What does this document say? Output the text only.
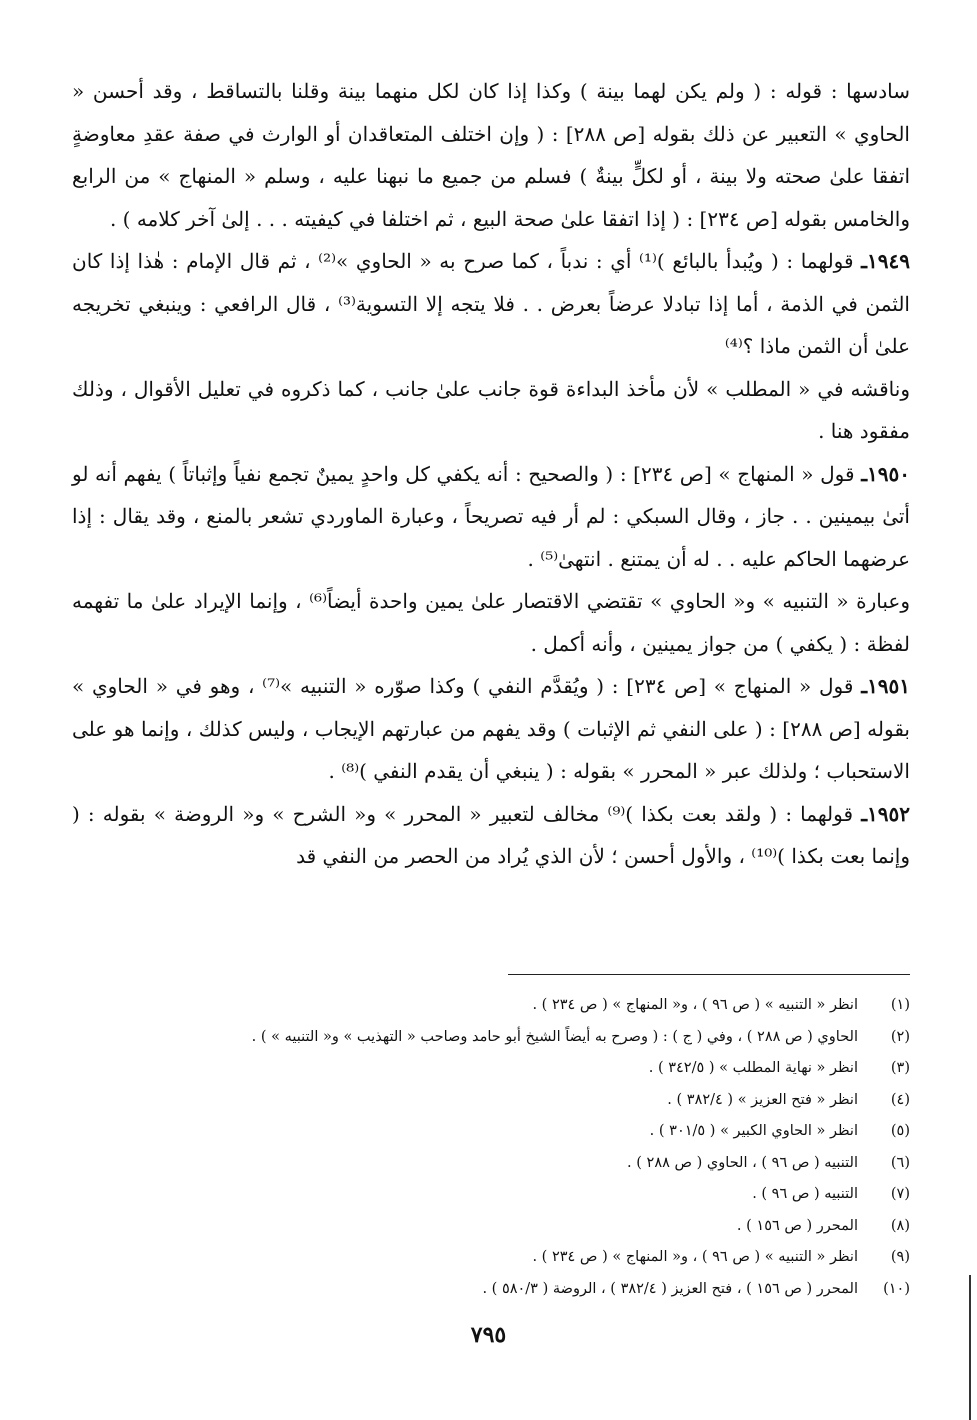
سادسها : قوله : ( ولم يكن لهما بينة ) وكذا إذا كان لكل منهما بينة وقلنا بالتساقط ، وقد أحسن « الحاوي » التعبير عن ذلك بقوله [ص ٢٨٨] : ( وإن اختلف المتعاقدان أو الوارث في صفة عقدِ معاوضةٍ اتفقا علىٰ صحته ولا بينة ، أو لكلٍّ بينةٌ ) فسلم من جميع ما نبهنا عليه ، وسلم « المنهاج » من الرابع والخامس بقوله [ص ٢٣٤] : ( إذا اتفقا علىٰ صحة البيع ، ثم اختلفا في كيفيته . . . إلىٰ آخر كلامه ) .

١٩٤٩ـ قولهما : ( ويُبدأ بالبائع )⁽¹⁾ أي : ندباً ، كما صرح به « الحاوي »⁽²⁾ ، ثم قال الإمام : هٰذا إذا كان الثمن في الذمة ، أما إذا تبادلا عرضاً بعرض . . فلا يتجه إلا التسوية⁽³⁾ ، قال الرافعي : وينبغي تخريجه علىٰ أن الثمن ماذا ؟⁽⁴⁾

وناقشه في « المطلب » لأن مأخذ البداءة قوة جانب علىٰ جانب ، كما ذكروه في تعليل الأقوال ، وذلك مفقود هنا .

١٩٥٠ـ قول « المنهاج » [ص ٢٣٤] : ( والصحيح : أنه يكفي كل واحدٍ يمينٌ تجمع نفياً وإثباتاً ) يفهم أنه لو أتىٰ بيمينين . . جاز ، وقال السبكي : لم أر فيه تصريحاً ، وعبارة الماوردي تشعر بالمنع ، وقد يقال : إذا عرضهما الحاكم عليه . . له أن يمتنع . انتهىٰ⁽⁵⁾ .

وعبارة « التنبيه » و« الحاوي » تقتضي الاقتصار علىٰ يمين واحدة أيضاً⁽⁶⁾ ، وإنما الإيراد علىٰ ما تفهمه لفظة : ( يكفي ) من جواز يمينين ، وأنه أكمل .

١٩٥١ـ قول « المنهاج » [ص ٢٣٤] : ( ويُقدَّم النفي ) وكذا صوّره « التنبيه »⁽⁷⁾ ، وهو في « الحاوي » بقوله [ص ٢٨٨] : ( على النفي ثم الإثبات ) وقد يفهم من عبارتهم الإيجاب ، وليس كذلك ، وإنما هو على الاستحباب ؛ ولذلك عبر « المحرر » بقوله : ( ينبغي أن يقدم النفي )⁽⁸⁾ .

١٩٥٢ـ قولهما : ( ولقد بعت بكذا )⁽⁹⁾ مخالف لتعبير « المحرر » و« الشرح » و« الروضة » بقوله : ( وإنما بعت بكذا )⁽¹⁰⁾ ، والأول أحسن ؛ لأن الذي يُراد من الحصر من النفي قد

(١)
انظر « التنبيه » ( ص ٩٦ ) ، و« المنهاج » ( ص ٢٣٤ ) .
(٢)
الحاوي ( ص ٢٨٨ ) ، وفي ( ج ) : ( وصرح به أيضاً الشيخ أبو حامد وصاحب « التهذيب » و« التنبيه » ) .
(٣)
انظر « نهاية المطلب » ( ٣٤٢/٥ ) .
(٤)
انظر « فتح العزيز » ( ٣٨٢/٤ ) .
(٥)
انظر « الحاوي الكبير » ( ٣٠١/٥ ) .
(٦)
التنبيه ( ص ٩٦ ) ، الحاوي ( ص ٢٨٨ ) .
(٧)
التنبيه ( ص ٩٦ ) .
(٨)
المحرر ( ص ١٥٦ ) .
(٩)
انظر « التنبيه » ( ص ٩٦ ) ، و« المنهاج » ( ص ٢٣٤ ) .
(١٠)
المحرر ( ص ١٥٦ ) ، فتح العزيز ( ٣٨٢/٤ ) ، الروضة ( ٥٨٠/٣ ) .
٧٩٥
